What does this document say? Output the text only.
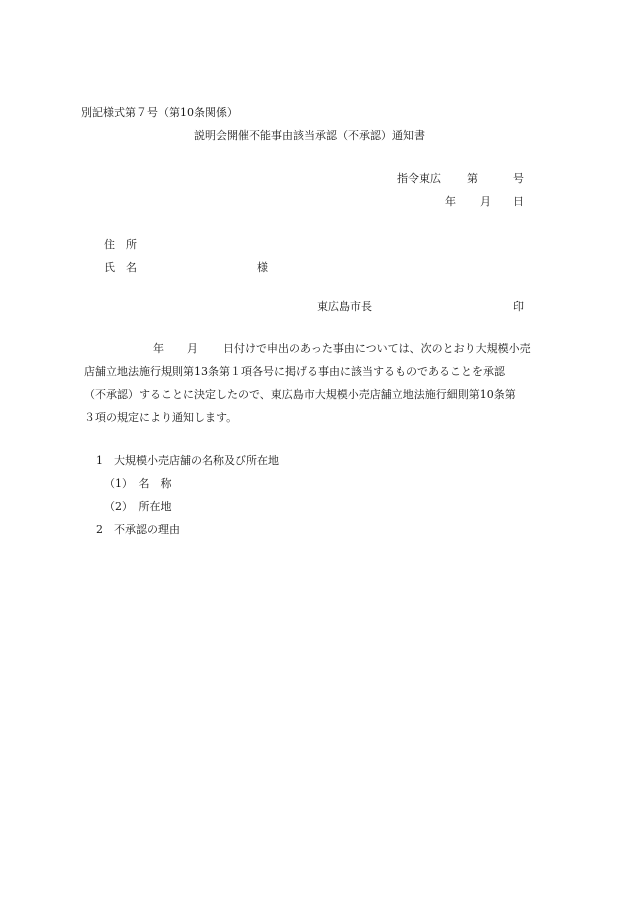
別記様式第７号（第10条関係）
説明会開催不能事由該当承認（不承認）通知書
指令東広 第	号
年 月 日
住　所
氏　名	様
東広島市長	印
年 月 日付けで申出のあった事由については、次のとおり大規模小売
店舗立地法施行規則第13条第１項各号に掲げる事由に該当するものであることを承認
（不承認）することに決定したので、東広島市大規模小売店舗立地法施行細則第10条第
３項の規定により通知します。
1　大規模小売店舗の名称及び所在地
（1）　名　称
（2）　所在地
2　不承認の理由
